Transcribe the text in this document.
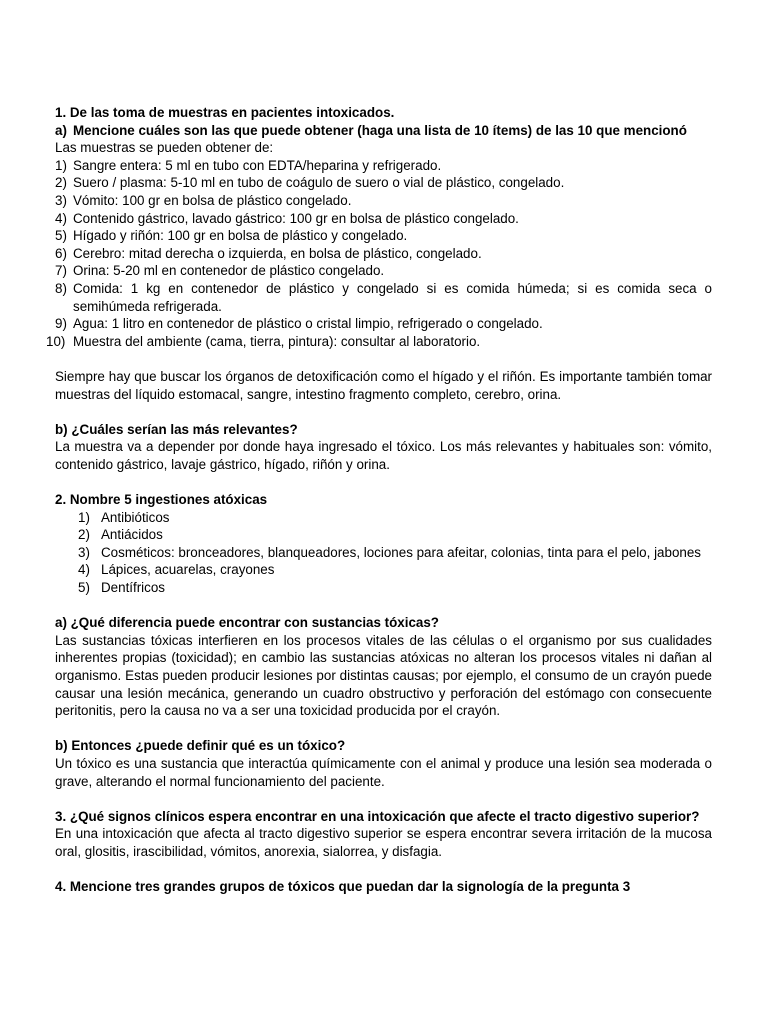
1. De las toma de muestras en pacientes intoxicados.

a) Mencione cuáles son las que puede obtener (haga una lista de 10 ítems) de las 10 que mencionó

Las muestras se pueden obtener de:

1) Sangre entera: 5 ml en tubo con EDTA/heparina y refrigerado.
2) Suero / plasma: 5-10 ml en tubo de coágulo de suero o vial de plástico, congelado.
3) Vómito: 100 gr en bolsa de plástico congelado.
4) Contenido gástrico, lavado gástrico: 100 gr en bolsa de plástico congelado.
5) Hígado y riñón: 100 gr en bolsa de plástico y congelado.
6) Cerebro: mitad derecha o izquierda, en bolsa de plástico, congelado.
7) Orina: 5-20 ml en contenedor de plástico congelado.
8) Comida: 1 kg en contenedor de plástico y congelado si es comida húmeda; si es comida seca o semihúmeda refrigerada.
9) Agua: 1 litro en contenedor de plástico o cristal limpio, refrigerado o congelado.
10) Muestra del ambiente (cama, tierra, pintura): consultar al laboratorio.

Siempre hay que buscar los órganos de detoxificación como el hígado y el riñón. Es importante también tomar muestras del líquido estomacal, sangre, intestino fragmento completo, cerebro, orina.

b) ¿Cuáles serían las más relevantes?

La muestra va a depender por donde haya ingresado el tóxico. Los más relevantes y habituales son: vómito, contenido gástrico, lavaje gástrico, hígado, riñón y orina.

2. Nombre 5 ingestiones atóxicas

1) Antibióticos
2) Antiácidos
3) Cosméticos: bronceadores, blanqueadores, lociones para afeitar, colonias, tinta para el pelo, jabones
4) Lápices, acuarelas, crayones
5) Dentífricos

a) ¿Qué diferencia puede encontrar con sustancias tóxicas?

Las sustancias tóxicas interfieren en los procesos vitales de las células o el organismo por sus cualidades inherentes propias (toxicidad); en cambio las sustancias atóxicas no alteran los procesos vitales ni dañan al organismo. Estas pueden producir lesiones por distintas causas; por ejemplo, el consumo de un crayón puede causar una lesión mecánica, generando un cuadro obstructivo y perforación del estómago con consecuente peritonitis, pero la causa no va a ser una toxicidad producida por el crayón.

b) Entonces ¿puede definir qué es un tóxico?

Un tóxico es una sustancia que interactúa químicamente con el animal y produce una lesión sea moderada o grave, alterando el normal funcionamiento del paciente.

3. ¿Qué signos clínicos espera encontrar en una intoxicación que afecte el tracto digestivo superior?

En una intoxicación que afecta al tracto digestivo superior se espera encontrar severa irritación de la mucosa oral, glositis, irascibilidad, vómitos, anorexia, sialorrea, y disfagia.

4. Mencione tres grandes grupos de tóxicos que puedan dar la signología de la pregunta 3
